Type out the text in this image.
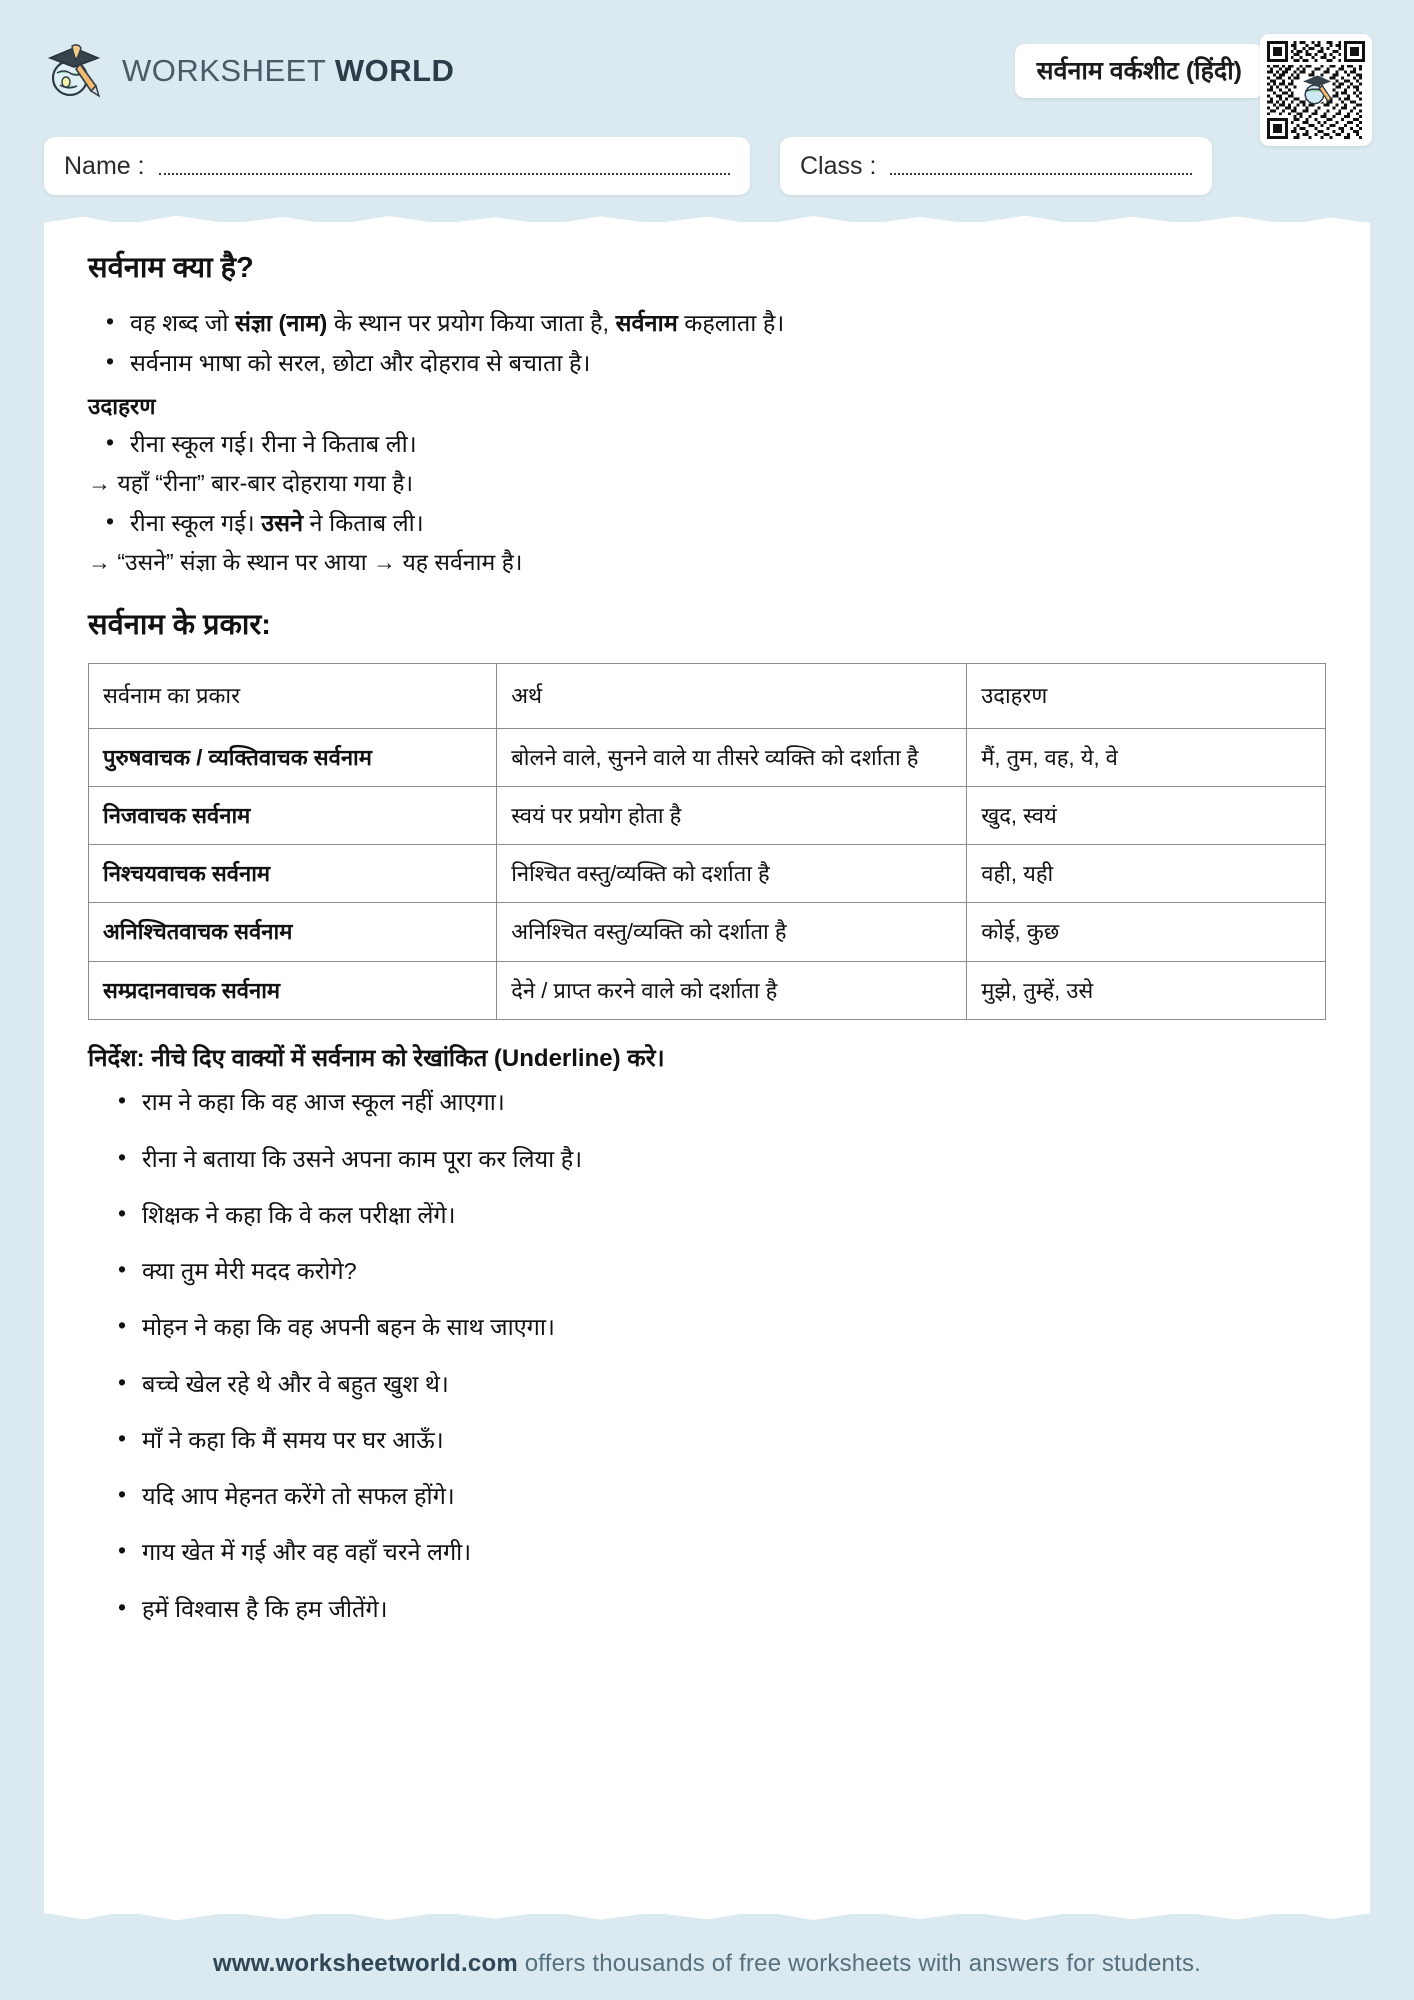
WORKSHEET WORLD	सर्वनाम वर्कशीट (हिंदी)
Name :	Class :
सर्वनाम क्या है?
• वह शब्द जो संज्ञा (नाम) के स्थान पर प्रयोग किया जाता है, सर्वनाम कहलाता है।
• सर्वनाम भाषा को सरल, छोटा और दोहराव से बचाता है।
उदाहरण
• रीना स्कूल गई। रीना ने किताब ली।
→ यहाँ “रीना” बार-बार दोहराया गया है।
• रीना स्कूल गई। उसने ने किताब ली।
→ “उसने” संज्ञा के स्थान पर आया → यह सर्वनाम है।
सर्वनाम के प्रकार:
सर्वनाम का प्रकार	अर्थ	उदाहरण
पुरुषवाचक / व्यक्तिवाचक सर्वनाम	बोलने वाले, सुनने वाले या तीसरे व्यक्ति को दर्शाता है	मैं, तुम, वह, ये, वे
निजवाचक सर्वनाम	स्वयं पर प्रयोग होता है	खुद, स्वयं
निश्चयवाचक सर्वनाम	निश्चित वस्तु/व्यक्ति को दर्शाता है	वही, यही
अनिश्चितवाचक सर्वनाम	अनिश्चित वस्तु/व्यक्ति को दर्शाता है	कोई, कुछ
सम्प्रदानवाचक सर्वनाम	देने / प्राप्त करने वाले को दर्शाता है	मुझे, तुम्हें, उसे
निर्देश: नीचे दिए वाक्यों में सर्वनाम को रेखांकित (Underline) करे।
• राम ने कहा कि वह आज स्कूल नहीं आएगा।
• रीना ने बताया कि उसने अपना काम पूरा कर लिया है।
• शिक्षक ने कहा कि वे कल परीक्षा लेंगे।
• क्या तुम मेरी मदद करोगे?
• मोहन ने कहा कि वह अपनी बहन के साथ जाएगा।
• बच्चे खेल रहे थे और वे बहुत खुश थे।
• माँ ने कहा कि मैं समय पर घर आऊँ।
• यदि आप मेहनत करेंगे तो सफल होंगे।
• गाय खेत में गई और वह वहाँ चरने लगी।
• हमें विश्वास है कि हम जीतेंगे।
www.worksheetworld.com offers thousands of free worksheets with answers for students.
